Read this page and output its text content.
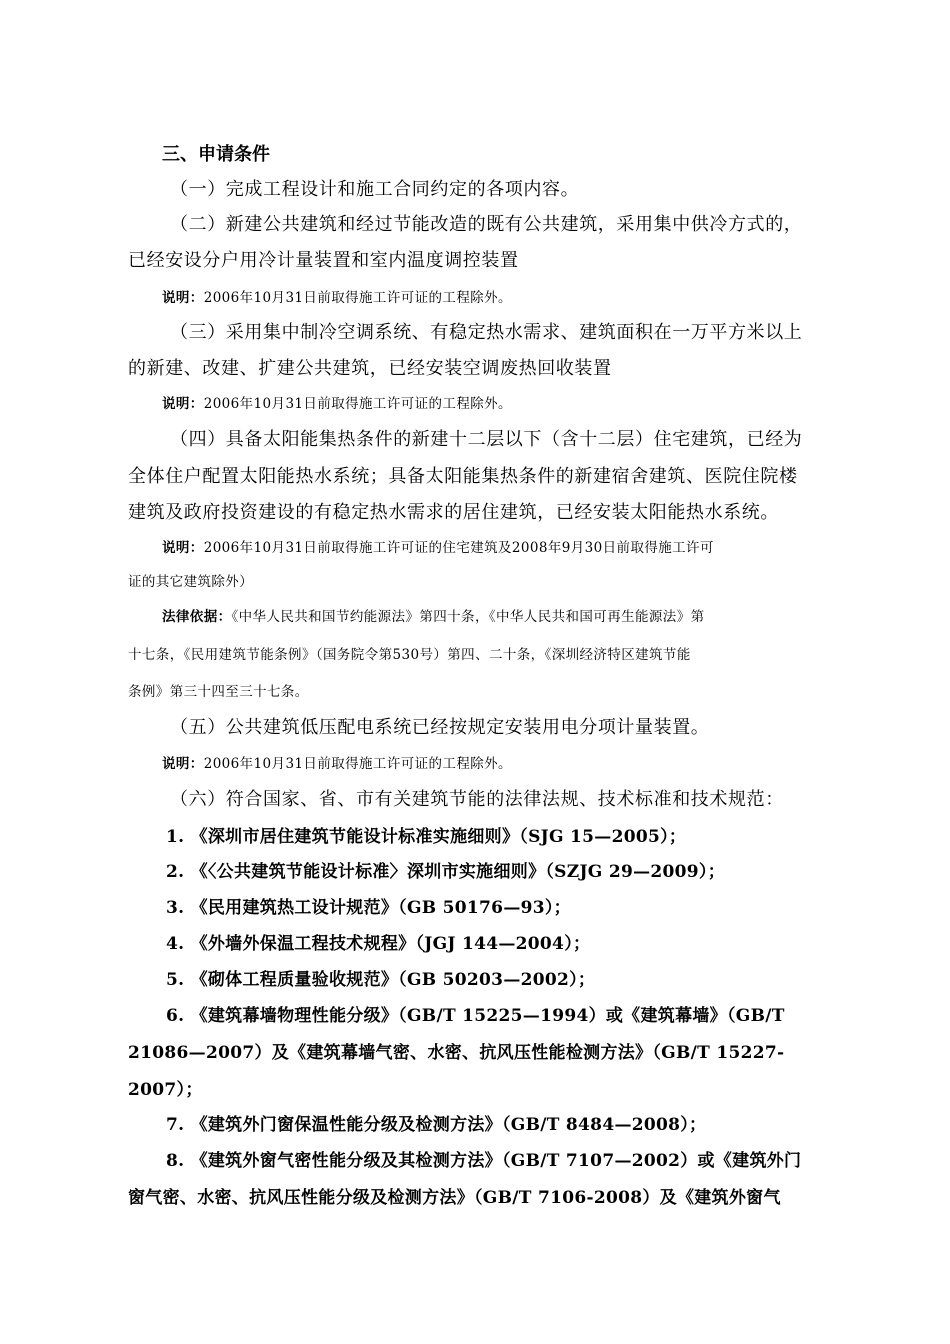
三、申请条件
（一）完成工程设计和施工合同约定的各项内容。
（二）新建公共建筑和经过节能改造的既有公共建筑，采用集中供冷方式的，
已经安设分户用冷计量装置和室内温度调控装置
说明：2006年10月31日前取得施工许可证的工程除外。
（三）采用集中制冷空调系统、有稳定热水需求、建筑面积在一万平方米以上
的新建、改建、扩建公共建筑，已经安装空调废热回收装置
说明：2006年10月31日前取得施工许可证的工程除外。
（四）具备太阳能集热条件的新建十二层以下（含十二层）住宅建筑，已经为
全体住户配置太阳能热水系统；具备太阳能集热条件的新建宿舍建筑、医院住院楼
建筑及政府投资建设的有稳定热水需求的居住建筑，已经安装太阳能热水系统。
说明：2006年10月31日前取得施工许可证的住宅建筑及2008年9月30日前取得施工许可
证的其它建筑除外）
法律依据：《中华人民共和国节约能源法》第四十条，《中华人民共和国可再生能源法》第
十七条，《民用建筑节能条例》（国务院令第530号）第四、二十条，《深圳经济特区建筑节能
条例》第三十四至三十七条。
（五）公共建筑低压配电系统已经按规定安装用电分项计量装置。
说明：2006年10月31日前取得施工许可证的工程除外。
（六）符合国家、省、市有关建筑节能的法律法规、技术标准和技术规范：
1. 《深圳市居住建筑节能设计标准实施细则》（SJG 15—2005）；
2. 《〈公共建筑节能设计标准〉深圳市实施细则》（SZJG 29—2009）；
3. 《民用建筑热工设计规范》（GB 50176—93）；
4. 《外墙外保温工程技术规程》（JGJ 144—2004）；
5. 《砌体工程质量验收规范》（GB 50203—2002）；
6. 《建筑幕墙物理性能分级》（GB/T 15225—1994）或《建筑幕墙》（GB/T
21086—2007）及《建筑幕墙气密、水密、抗风压性能检测方法》（GB/T 15227-
2007）；
7. 《建筑外门窗保温性能分级及检测方法》（GB/T 8484—2008）；
8. 《建筑外窗气密性能分级及其检测方法》（GB/T 7107—2002）或《建筑外门
窗气密、水密、抗风压性能分级及检测方法》（GB/T 7106-2008）及《建筑外窗气
